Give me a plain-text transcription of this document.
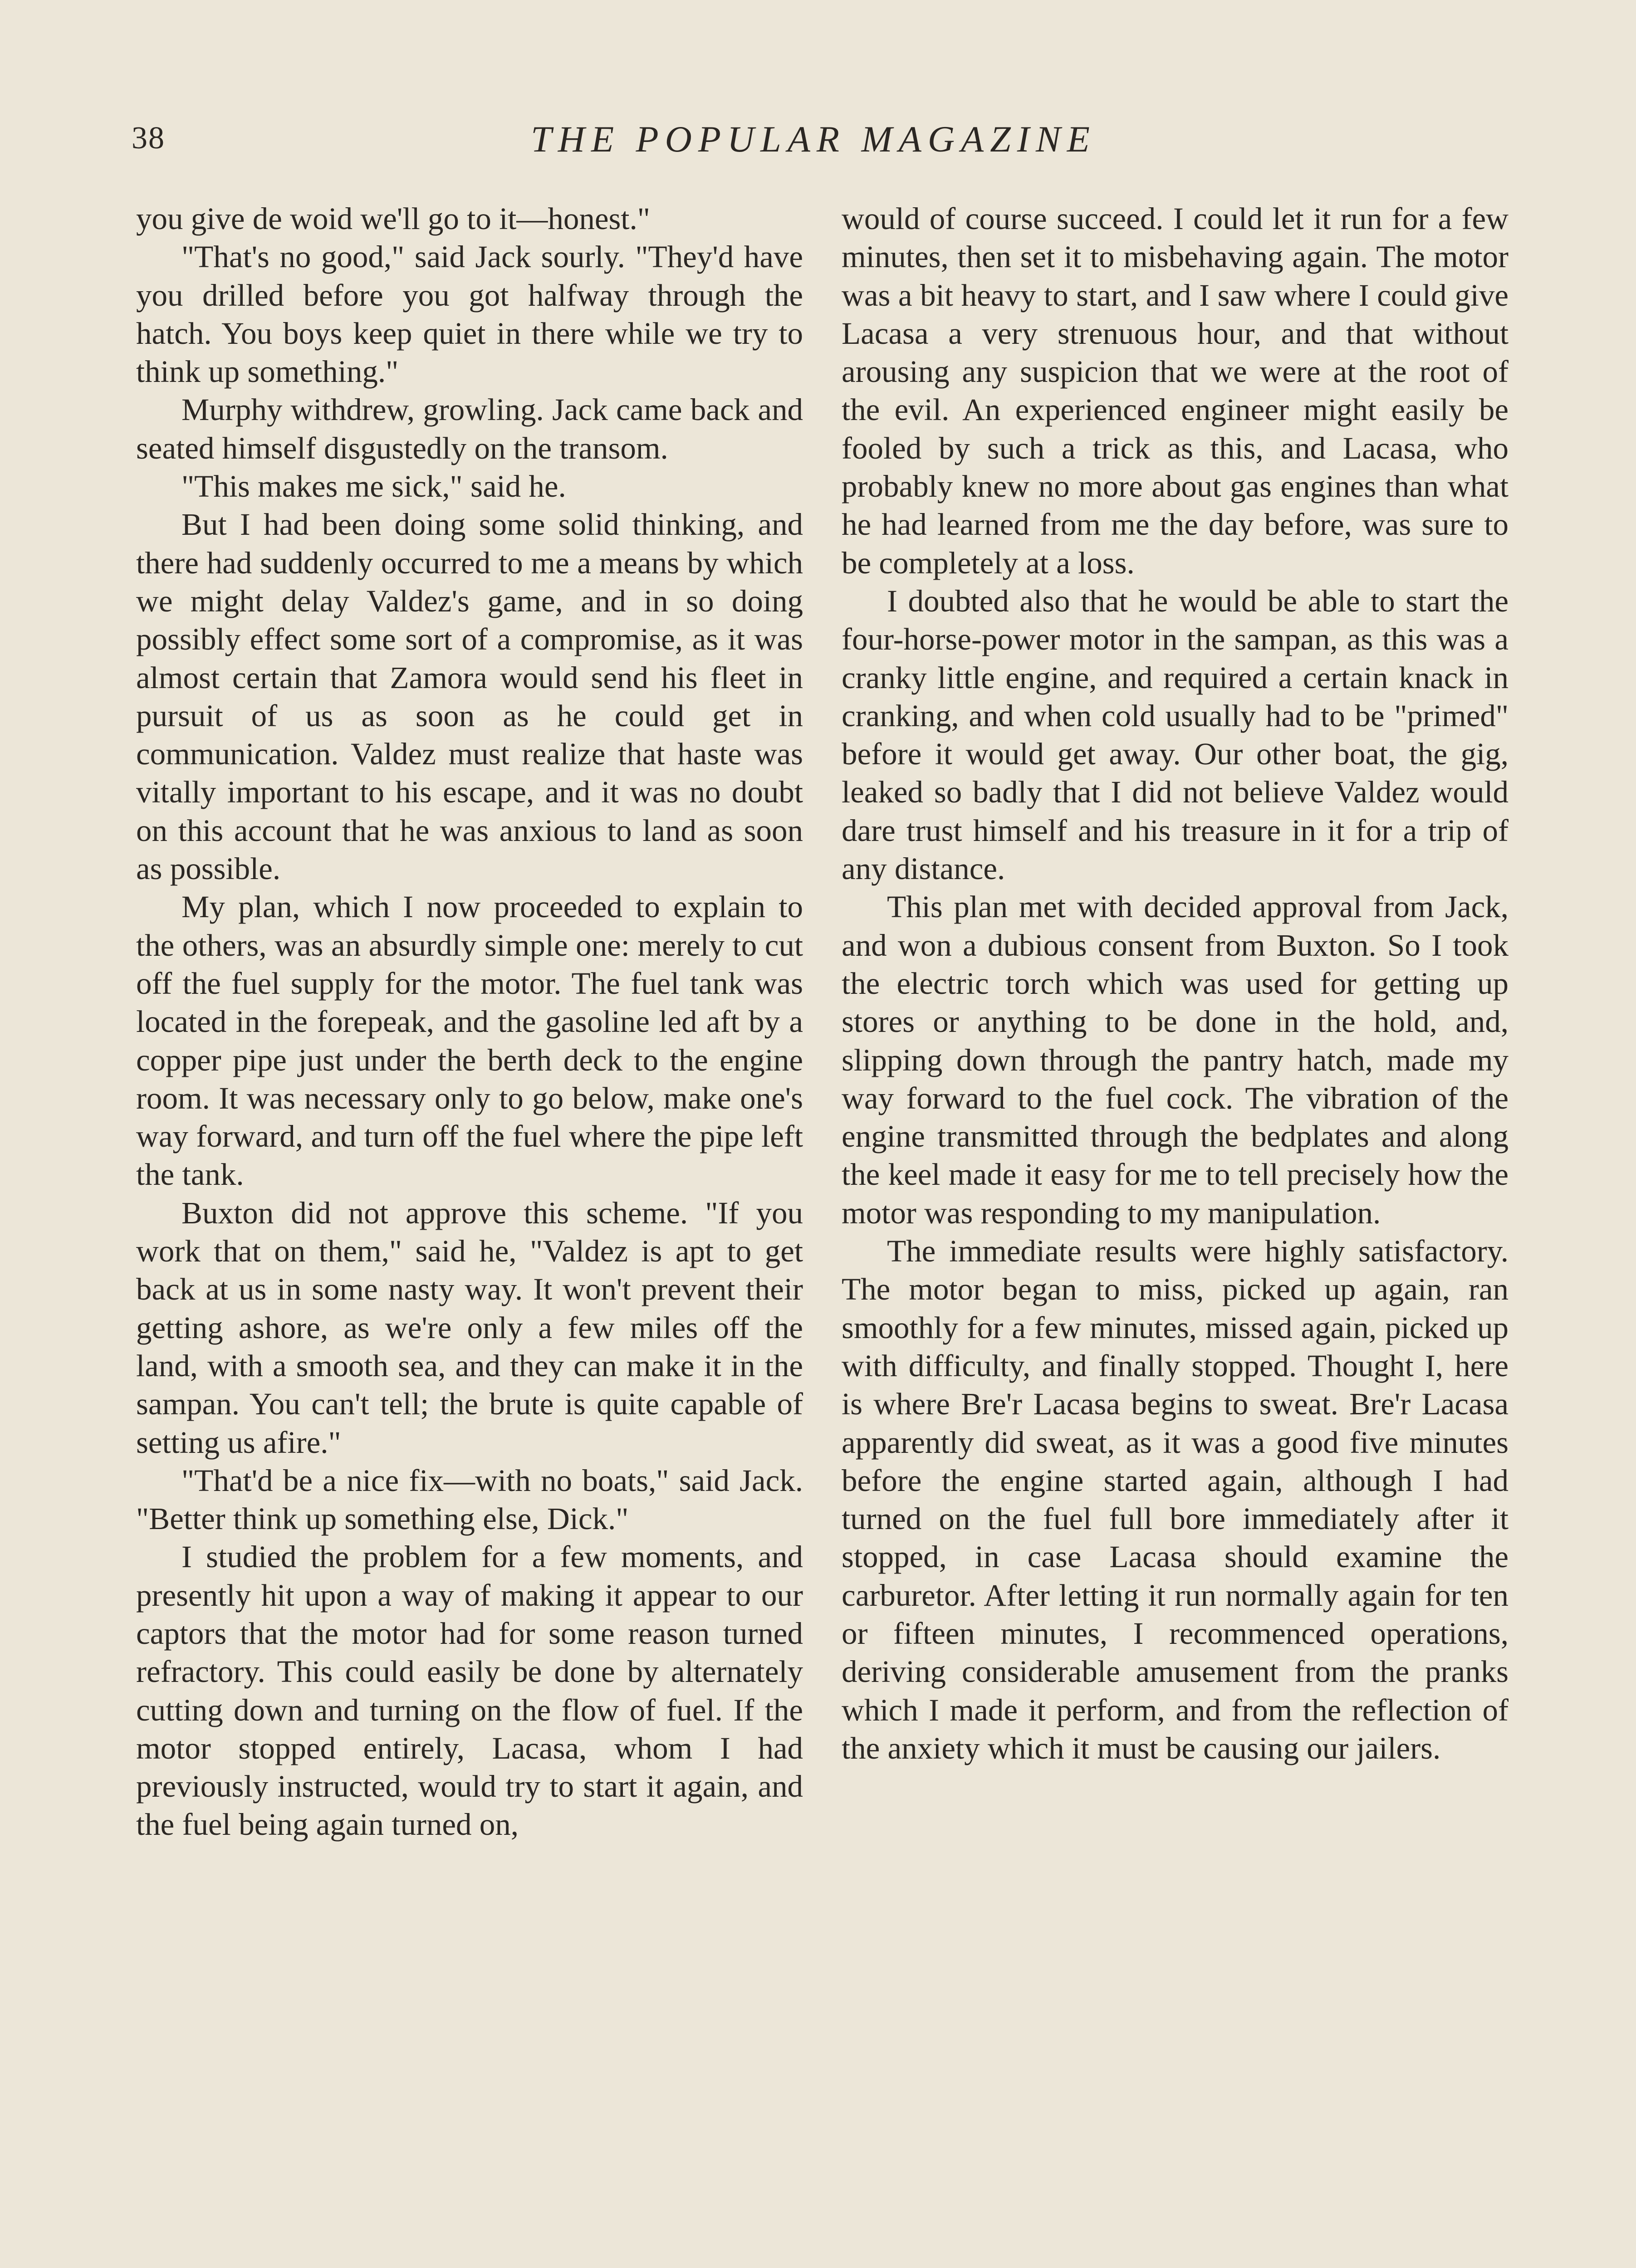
38	THE POPULAR MAGAZINE

you give de woid we'll go to it—honest."

"That's no good," said Jack sourly. "They'd have you drilled before you got halfway through the hatch. You boys keep quiet in there while we try to think up something."

Murphy withdrew, growling. Jack came back and seated himself disgustedly on the transom.

"This makes me sick," said he.

But I had been doing some solid thinking, and there had suddenly occurred to me a means by which we might delay Valdez's game, and in so doing possibly effect some sort of a compromise, as it was almost certain that Zamora would send his fleet in pursuit of us as soon as he could get in communication. Valdez must realize that haste was vitally important to his escape, and it was no doubt on this account that he was anxious to land as soon as possible.

My plan, which I now proceeded to explain to the others, was an absurdly simple one: merely to cut off the fuel supply for the motor. The fuel tank was located in the forepeak, and the gasoline led aft by a copper pipe just under the berth deck to the engine room. It was necessary only to go below, make one's way forward, and turn off the fuel where the pipe left the tank.

Buxton did not approve this scheme. "If you work that on them," said he, "Valdez is apt to get back at us in some nasty way. It won't prevent their getting ashore, as we're only a few miles off the land, with a smooth sea, and they can make it in the sampan. You can't tell; the brute is quite capable of setting us afire."

"That'd be a nice fix—with no boats," said Jack. "Better think up something else, Dick."

I studied the problem for a few moments, and presently hit upon a way of making it appear to our captors that the motor had for some reason turned refractory. This could easily be done by alternately cutting down and turning on the flow of fuel. If the motor stopped entirely, Lacasa, whom I had previously instructed, would try to start it again, and the fuel being again turned on,

would of course succeed. I could let it run for a few minutes, then set it to misbehaving again. The motor was a bit heavy to start, and I saw where I could give Lacasa a very strenuous hour, and that without arousing any suspicion that we were at the root of the evil. An experienced engineer might easily be fooled by such a trick as this, and Lacasa, who probably knew no more about gas engines than what he had learned from me the day before, was sure to be completely at a loss.

I doubted also that he would be able to start the four-horse-power motor in the sampan, as this was a cranky little engine, and required a certain knack in cranking, and when cold usually had to be "primed" before it would get away. Our other boat, the gig, leaked so badly that I did not believe Valdez would dare trust himself and his treasure in it for a trip of any distance.

This plan met with decided approval from Jack, and won a dubious consent from Buxton. So I took the electric torch which was used for getting up stores or anything to be done in the hold, and, slipping down through the pantry hatch, made my way forward to the fuel cock. The vibration of the engine transmitted through the bedplates and along the keel made it easy for me to tell precisely how the motor was responding to my manipulation.

The immediate results were highly satisfactory. The motor began to miss, picked up again, ran smoothly for a few minutes, missed again, picked up with difficulty, and finally stopped. Thought I, here is where Bre'r Lacasa begins to sweat. Bre'r Lacasa apparently did sweat, as it was a good five minutes before the engine started again, although I had turned on the fuel full bore immediately after it stopped, in case Lacasa should examine the carburetor. After letting it run normally again for ten or fifteen minutes, I recommenced operations, deriving considerable amusement from the pranks which I made it perform, and from the reflection of the anxiety which it must be causing our jailers.
